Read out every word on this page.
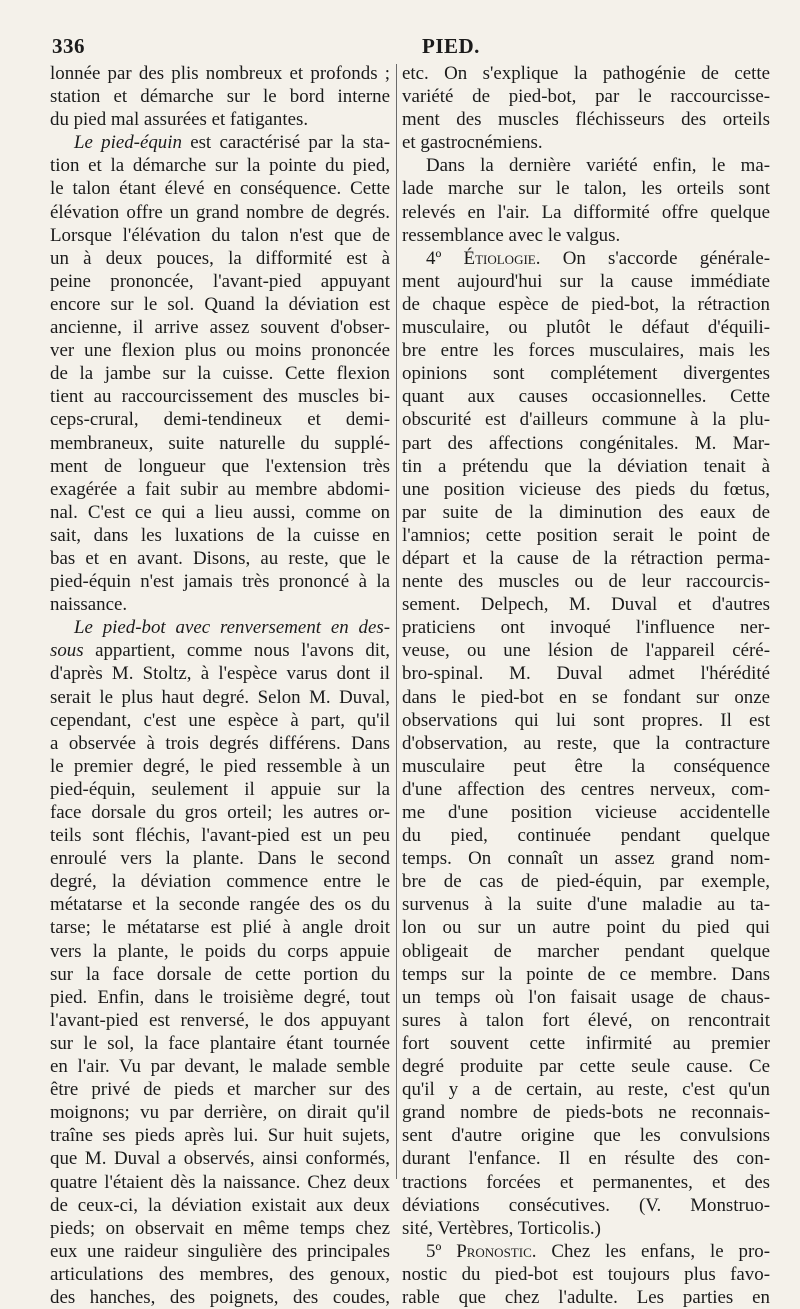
336	PIED.
lonnée par des plis nombreux et profonds ;
station et démarche sur le bord interne
du pied mal assurées et fatigantes.
Le pied-équin est caractérisé par la sta-
tion et la démarche sur la pointe du pied,
le talon étant élevé en conséquence. Cette
élévation offre un grand nombre de degrés.
Lorsque l'élévation du talon n'est que de
un à deux pouces, la difformité est à
peine prononcée, l'avant-pied appuyant
encore sur le sol. Quand la déviation est
ancienne, il arrive assez souvent d'obser-
ver une flexion plus ou moins prononcée
de la jambe sur la cuisse. Cette flexion
tient au raccourcissement des muscles bi-
ceps-crural, demi-tendineux et demi-
membraneux, suite naturelle du supplé-
ment de longueur que l'extension très
exagérée a fait subir au membre abdomi-
nal. C'est ce qui a lieu aussi, comme on
sait, dans les luxations de la cuisse en
bas et en avant. Disons, au reste, que le
pied-équin n'est jamais très prononcé à la
naissance.
Le pied-bot avec renversement en des-
sous appartient, comme nous l'avons dit,
d'après M. Stoltz, à l'espèce varus dont il
serait le plus haut degré. Selon M. Duval,
cependant, c'est une espèce à part, qu'il
a observée à trois degrés différens. Dans
le premier degré, le pied ressemble à un
pied-équin, seulement il appuie sur la
face dorsale du gros orteil; les autres or-
teils sont fléchis, l'avant-pied est un peu
enroulé vers la plante. Dans le second
degré, la déviation commence entre le
métatarse et la seconde rangée des os du
tarse; le métatarse est plié à angle droit
vers la plante, le poids du corps appuie
sur la face dorsale de cette portion du
pied. Enfin, dans le troisième degré, tout
l'avant-pied est renversé, le dos appuyant
sur le sol, la face plantaire étant tournée
en l'air. Vu par devant, le malade semble
être privé de pieds et marcher sur des
moignons; vu par derrière, on dirait qu'il
traîne ses pieds après lui. Sur huit sujets,
que M. Duval a observés, ainsi conformés,
quatre l'étaient dès la naissance. Chez deux
de ceux-ci, la déviation existait aux deux
pieds; on observait en même temps chez
eux une raideur singulière des principales
articulations des membres, des genoux,
des hanches, des poignets, des coudes,
etc. On s'explique la pathogénie de cette
variété de pied-bot, par le raccourcisse-
ment des muscles fléchisseurs des orteils
et gastrocnémiens.
Dans la dernière variété enfin, le ma-
lade marche sur le talon, les orteils sont
relevés en l'air. La difformité offre quelque
ressemblance avec le valgus.
4º Étiologie. On s'accorde générale-
ment aujourd'hui sur la cause immédiate
de chaque espèce de pied-bot, la rétraction
musculaire, ou plutôt le défaut d'équili-
bre entre les forces musculaires, mais les
opinions sont complétement divergentes
quant aux causes occasionnelles. Cette
obscurité est d'ailleurs commune à la plu-
part des affections congénitales. M. Mar-
tin a prétendu que la déviation tenait à
une position vicieuse des pieds du fœtus,
par suite de la diminution des eaux de
l'amnios; cette position serait le point de
départ et la cause de la rétraction perma-
nente des muscles ou de leur raccourcis-
sement. Delpech, M. Duval et d'autres
praticiens ont invoqué l'influence ner-
veuse, ou une lésion de l'appareil céré-
bro-spinal. M. Duval admet l'hérédité
dans le pied-bot en se fondant sur onze
observations qui lui sont propres. Il est
d'observation, au reste, que la contracture
musculaire peut être la conséquence
d'une affection des centres nerveux, com-
me d'une position vicieuse accidentelle
du pied, continuée pendant quelque
temps. On connaît un assez grand nom-
bre de cas de pied-équin, par exemple,
survenus à la suite d'une maladie au ta-
lon ou sur un autre point du pied qui
obligeait de marcher pendant quelque
temps sur la pointe de ce membre. Dans
un temps où l'on faisait usage de chaus-
sures à talon fort élevé, on rencontrait
fort souvent cette infirmité au premier
degré produite par cette seule cause. Ce
qu'il y a de certain, au reste, c'est qu'un
grand nombre de pieds-bots ne reconnais-
sent d'autre origine que les convulsions
durant l'enfance. Il en résulte des con-
tractions forcées et permanentes, et des
déviations consécutives. (V. Monstruo-
sité, Vertèbres, Torticolis.)
5º Pronostic. Chez les enfans, le pro-
nostic du pied-bot est toujours plus favo-
rable que chez l'adulte. Les parties en
